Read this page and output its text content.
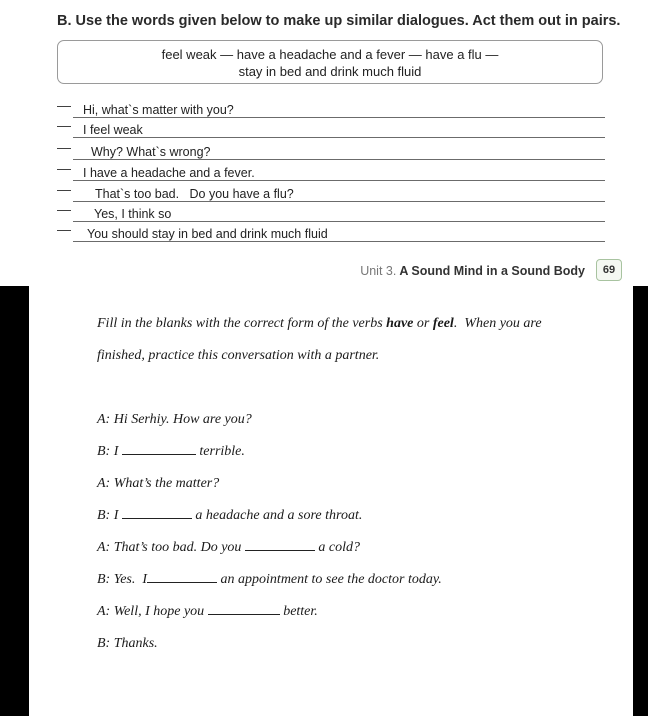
B. Use the words given below to make up similar dialogues. Act them out in pairs.
feel weak — have a headache and a fever — have a flu —
stay in bed and drink much fluid
— Hi, what`s matter with you?
— I feel weak
— Why? What`s wrong?
— I have a headache and a fever.
— That`s too bad.   Do you have a flu?
— Yes, I think so
— You should stay in bed and drink much fluid
Unit 3. A Sound Mind in a Sound Body	69
Fill in the blanks with the correct form of the verbs have or feel.  When you are
finished, practice this conversation with a partner.
A: Hi Serhiy. How are you?
B: I	terrible.
A: What’s the matter?
B: I	a headache and a sore throat.
A: That’s too bad. Do you	a cold?
B: Yes.  I	an appointment to see the doctor today.
A: Well, I hope you	better.
B: Thanks.
